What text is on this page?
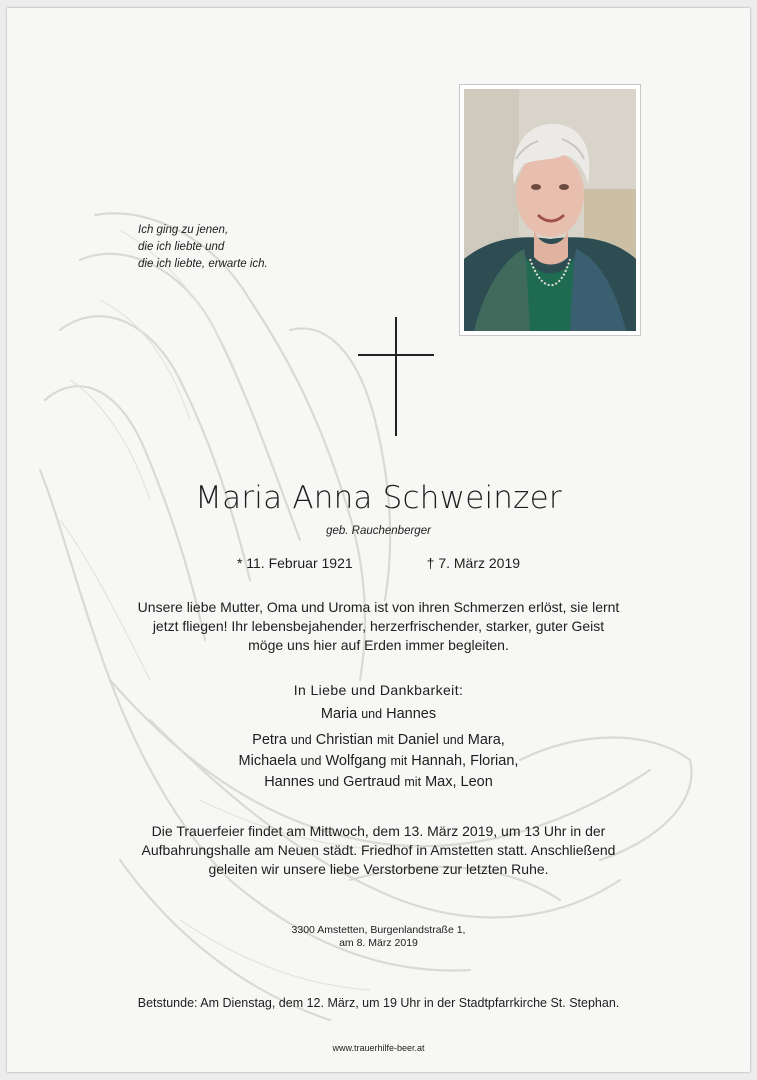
Ich ging zu jenen,
die ich liebte und
die ich liebte, erwarte ich.
Maria Anna Schweinzer
geb. Rauchenberger
* 11. Februar 1921	† 7. März 2019
Unsere liebe Mutter, Oma und Uroma ist von ihren Schmerzen erlöst, sie lernt
jetzt fliegen! Ihr lebensbejahender, herzerfrischender, starker, guter Geist
möge uns hier auf Erden immer begleiten.
In Liebe und Dankbarkeit:
Maria und Hannes
Petra und Christian mit Daniel und Mara,
Michaela und Wolfgang mit Hannah, Florian,
Hannes und Gertraud mit Max, Leon
Die Trauerfeier findet am Mittwoch, dem 13. März 2019, um 13 Uhr in der
Aufbahrungshalle am Neuen städt. Friedhof in Amstetten statt. Anschließend
geleiten wir unsere liebe Verstorbene zur letzten Ruhe.
3300 Amstetten, Burgenlandstraße 1,
am 8. März 2019
Betstunde: Am Dienstag, dem 12. März, um 19 Uhr in der Stadtpfarrkirche St. Stephan.
www.trauerhilfe-beer.at
